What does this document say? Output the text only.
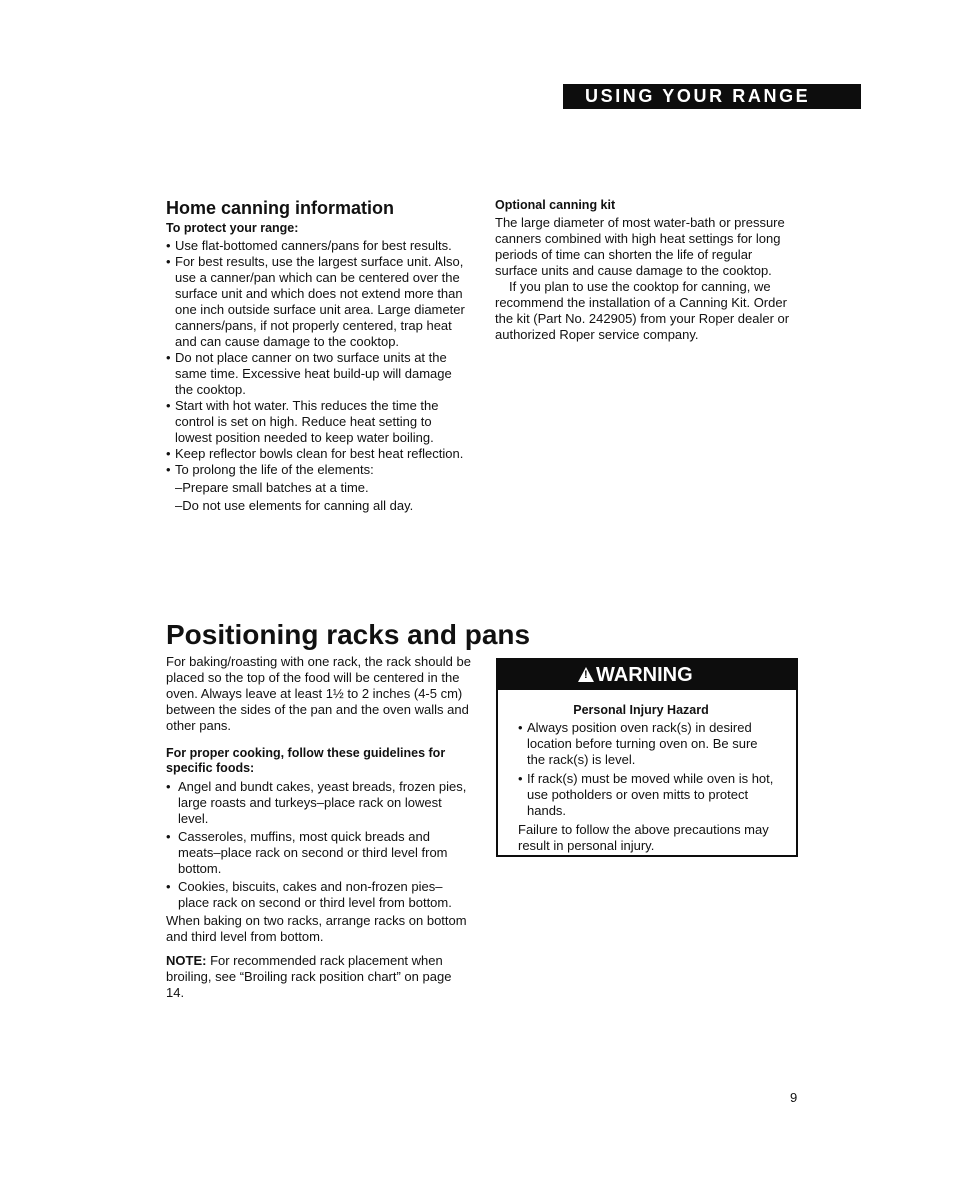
USING YOUR RANGE
Home canning information
To protect your range:
• Use flat-bottomed canners/pans for best results.
• For best results, use the largest surface unit. Also, use a canner/pan which can be centered over the surface unit and which does not extend more than one inch outside surface unit area. Large diameter canners/pans, if not properly centered, trap heat and can cause damage to the cooktop.
• Do not place canner on two surface units at the same time. Excessive heat build-up will damage the cooktop.
• Start with hot water. This reduces the time the control is set on high. Reduce heat setting to lowest position needed to keep water boiling.
• Keep reflector bowls clean for best heat reflection.
• To prolong the life of the elements:
–Prepare small batches at a time.
–Do not use elements for canning all day.
Optional canning kit

The large diameter of most water-bath or pressure canners combined with high heat settings for long periods of time can shorten the life of regular surface units and cause damage to the cooktop.

If you plan to use the cooktop for canning, we recommend the installation of a Canning Kit. Order the kit (Part No. 242905) from your Roper dealer or authorized Roper service company.

Positioning racks and pans

For baking/roasting with one rack, the rack should be placed so the top of the food will be centered in the oven. Always leave at least 1½ to 2 inches (4-5 cm) between the sides of the pan and the oven walls and other pans.

For proper cooking, follow these guidelines for specific foods:
• Angel and bundt cakes, yeast breads, frozen pies, large roasts and turkeys–place rack on lowest level.
• Casseroles, muffins, most quick breads and meats–place rack on second or third level from bottom.
• Cookies, biscuits, cakes and non-frozen pies–place rack on second or third level from bottom.

When baking on two racks, arrange racks on bottom and third level from bottom.

NOTE: For recommended rack placement when broiling, see “Broiling rack position chart” on page 14.

!WARNING
Personal Injury Hazard
• Always position oven rack(s) in desired location before turning oven on. Be sure the rack(s) is level.
• If rack(s) must be moved while oven is hot, use potholders or oven mitts to protect hands.

Failure to follow the above precautions may result in personal injury.

9
